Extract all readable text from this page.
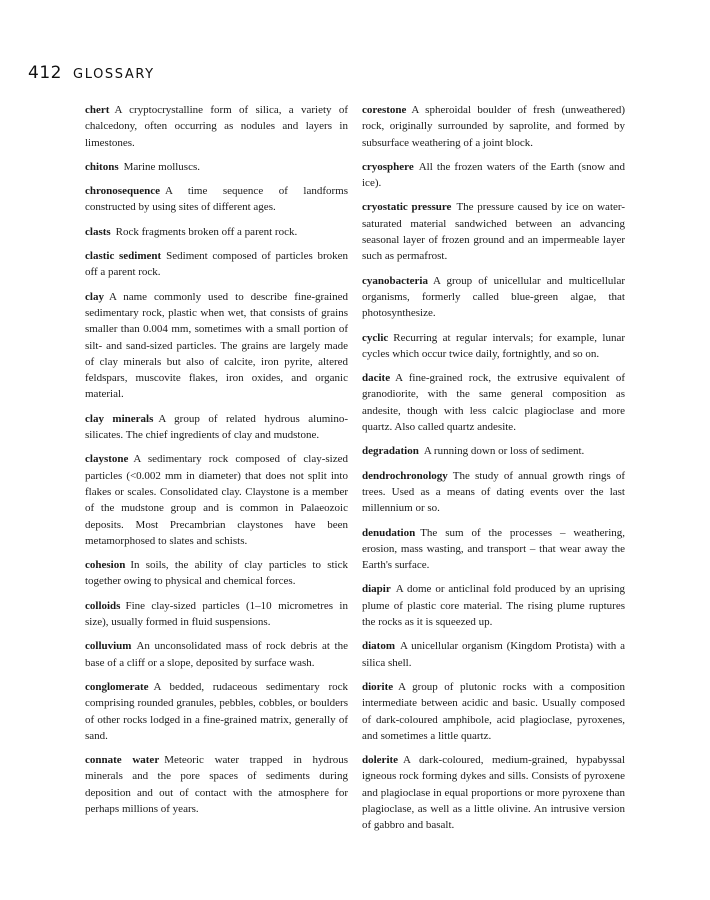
412 GLOSSARY

chert A cryptocrystalline form of silica, a variety of chalcedony, often occurring as nodules and layers in limestones.

chitons Marine molluscs.

chronosequence A time sequence of landforms constructed by using sites of different ages.

clasts Rock fragments broken off a parent rock.

clastic sediment Sediment composed of particles broken off a parent rock.

clay A name commonly used to describe fine-grained sedimentary rock, plastic when wet, that consists of grains smaller than 0.004 mm, sometimes with a small portion of silt- and sand-sized particles. The grains are largely made of clay minerals but also of calcite, iron pyrite, altered feldspars, muscovite flakes, iron oxides, and organic material.

clay minerals A group of related hydrous alumino-silicates. The chief ingredients of clay and mudstone.

claystone A sedimentary rock composed of clay-sized particles (<0.002 mm in diameter) that does not split into flakes or scales. Consolidated clay. Claystone is a member of the mudstone group and is common in Palaeozoic deposits. Most Precambrian claystones have been metamorphosed to slates and schists.

cohesion In soils, the ability of clay particles to stick together owing to physical and chemical forces.

colloids Fine clay-sized particles (1–10 micrometres in size), usually formed in fluid suspensions.

colluvium An unconsolidated mass of rock debris at the base of a cliff or a slope, deposited by surface wash.

conglomerate A bedded, rudaceous sedimentary rock comprising rounded granules, pebbles, cobbles, or boulders of other rocks lodged in a fine-grained matrix, generally of sand.

connate water Meteoric water trapped in hydrous minerals and the pore spaces of sediments during deposition and out of contact with the atmosphere for perhaps millions of years.

corestone A spheroidal boulder of fresh (unweathered) rock, originally surrounded by saprolite, and formed by subsurface weathering of a joint block.

cryosphere All the frozen waters of the Earth (snow and ice).

cryostatic pressure The pressure caused by ice on water-saturated material sandwiched between an advancing seasonal layer of frozen ground and an impermeable layer such as permafrost.

cyanobacteria A group of unicellular and multicellular organisms, formerly called blue-green algae, that photosynthesize.

cyclic Recurring at regular intervals; for example, lunar cycles which occur twice daily, fortnightly, and so on.

dacite A fine-grained rock, the extrusive equivalent of granodiorite, with the same general composition as andesite, though with less calcic plagioclase and more quartz. Also called quartz andesite.

degradation A running down or loss of sediment.

dendrochronology The study of annual growth rings of trees. Used as a means of dating events over the last millennium or so.

denudation The sum of the processes – weathering, erosion, mass wasting, and transport – that wear away the Earth's surface.

diapir A dome or anticlinal fold produced by an uprising plume of plastic core material. The rising plume ruptures the rocks as it is squeezed up.

diatom A unicellular organism (Kingdom Protista) with a silica shell.

diorite A group of plutonic rocks with a composition intermediate between acidic and basic. Usually composed of dark-coloured amphibole, acid plagioclase, pyroxenes, and sometimes a little quartz.

dolerite A dark-coloured, medium-grained, hypabyssal igneous rock forming dykes and sills. Consists of pyroxene and plagioclase in equal proportions or more pyroxene than plagioclase, as well as a little olivine. An intrusive version of gabbro and basalt.
